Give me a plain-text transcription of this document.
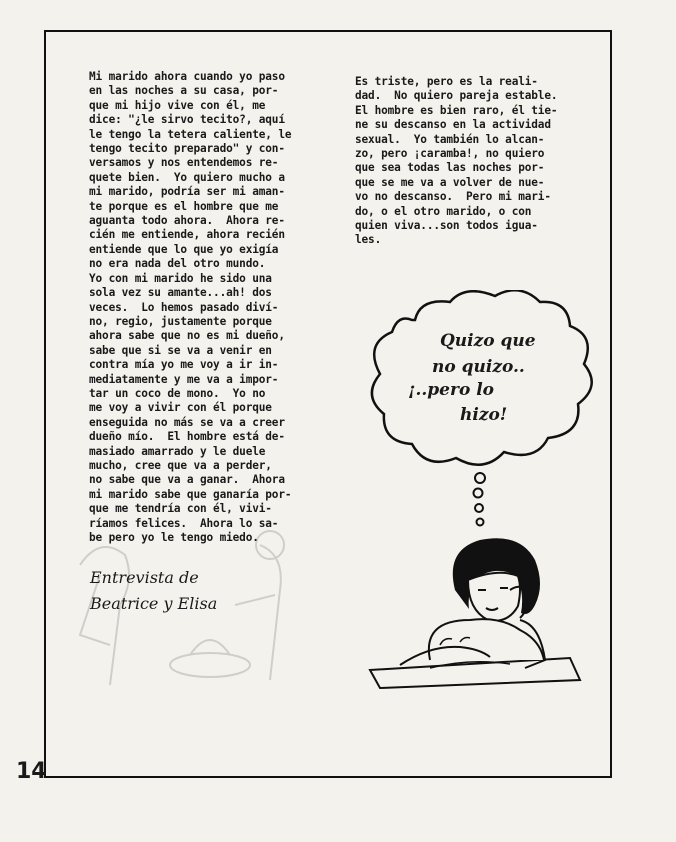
Mi marido ahora cuando yo paso
en las noches a su casa, por-
que mi hijo vive con él, me
dice: "¿le sirvo tecito?, aquí
le tengo la tetera caliente, le
tengo tecito preparado" y con-
versamos y nos entendemos re-
quete bien.  Yo quiero mucho a
mi marido, podría ser mi aman-
te porque es el hombre que me
aguanta todo ahora.  Ahora re-
cién me entiende, ahora recién
entiende que lo que yo exigía
no era nada del otro mundo.
Yo con mi marido he sido una
sola vez su amante...ah! dos
veces.  Lo hemos pasado diví-
no, regio, justamente porque
ahora sabe que no es mi dueño,
sabe que si se va a venir en
contra mía yo me voy a ir in-
mediatamente y me va a impor-
tar un coco de mono.  Yo no
me voy a vivir con él porque
enseguida no más se va a creer
dueño mío.  El hombre está de-
masiado amarrado y le duele
mucho, cree que va a perder,
no sabe que va a ganar.  Ahora
mi marido sabe que ganaría por-
que me tendría con él, vivi-
ríamos felices.  Ahora lo sa-
be pero yo le tengo miedo.
Es triste, pero es la reali-
dad.  No quiero pareja estable.
El hombre es bien raro, él tie-
ne su descanso en la actividad
sexual.  Yo también lo alcan-
zo, pero ¡caramba!, no quiero
que sea todas las noches por-
que se me va a volver de nue-
vo no descanso.  Pero mi mari-
do, o el otro marido, o con
quien viva...son todos igua-
les.
Entrevista de
Beatrice y Elisa
Quizo que
no quizo..
¡..pero lo
hizo!
14
